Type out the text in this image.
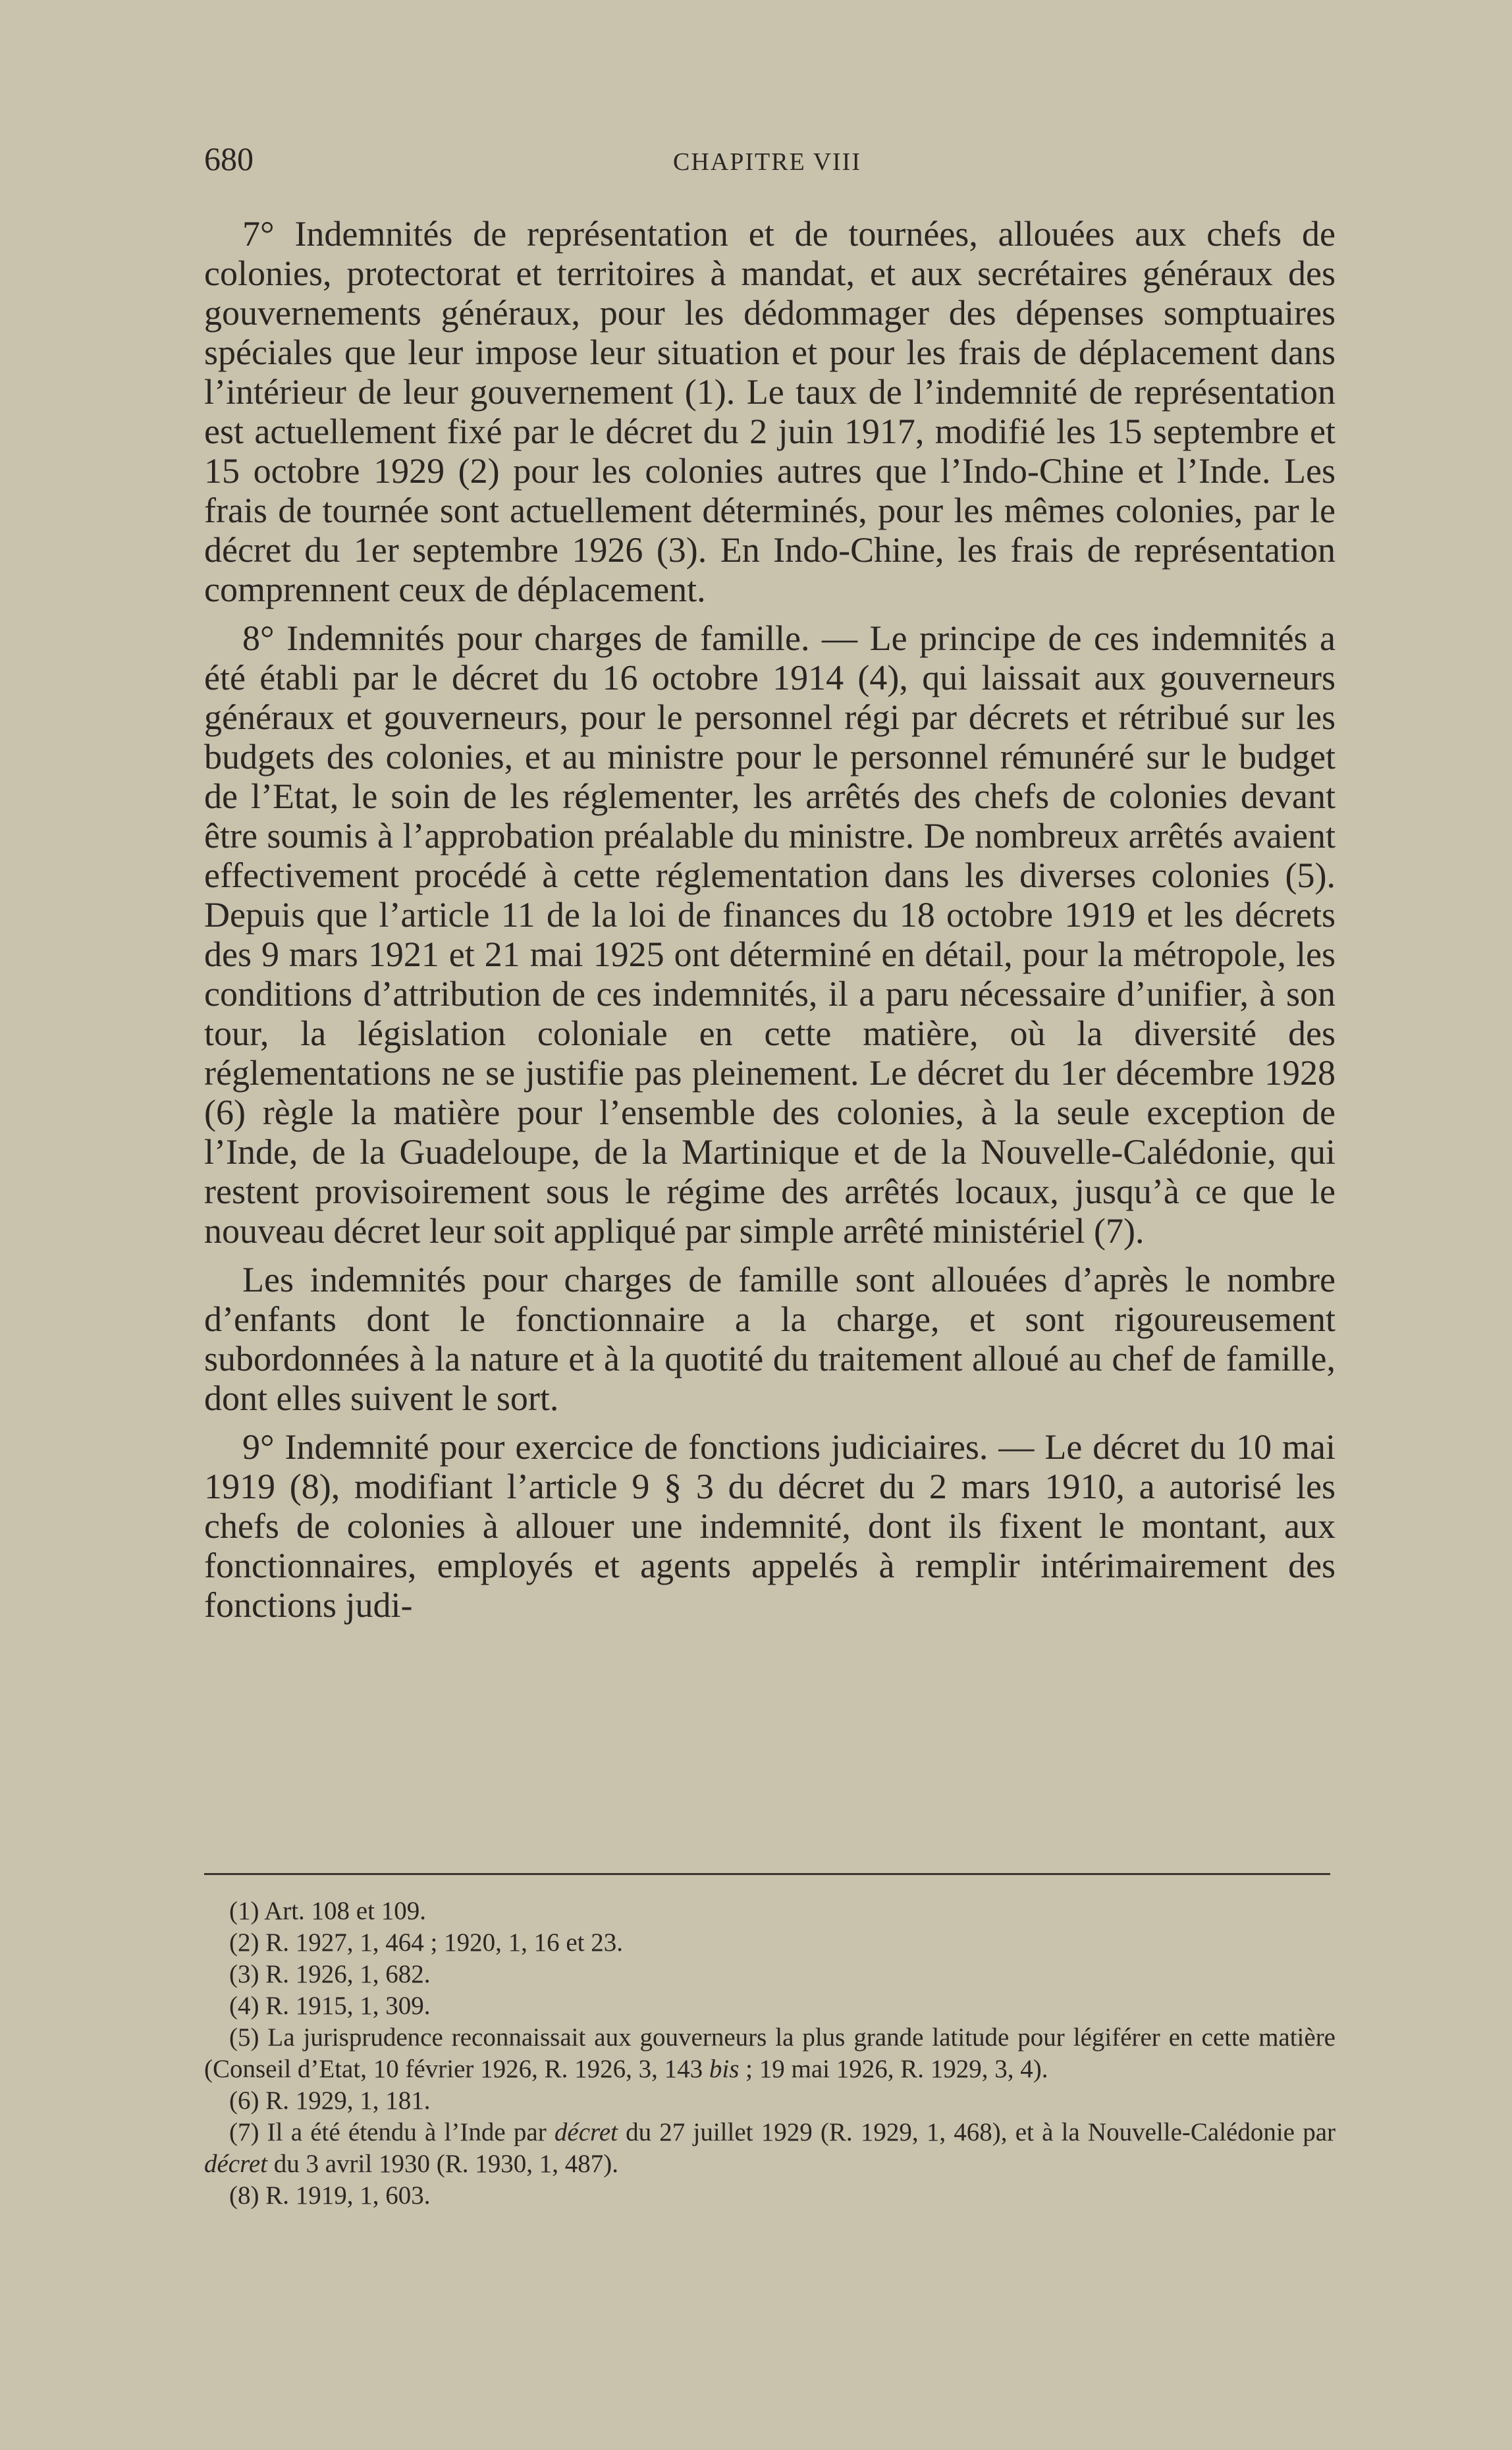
680	CHAPITRE VIII

7° Indemnités de représentation et de tournées, allouées aux chefs de colonies, protectorat et territoires à mandat, et aux secrétaires généraux des gouvernements généraux, pour les dédommager des dépenses somptuaires spéciales que leur impose leur situation et pour les frais de déplacement dans l’intérieur de leur gouvernement (1). Le taux de l’indemnité de représentation est actuellement fixé par le décret du 2 juin 1917, modifié les 15 septembre et 15 octobre 1929 (2) pour les colonies autres que l’Indo-Chine et l’Inde. Les frais de tournée sont actuellement déterminés, pour les mêmes colonies, par le décret du 1er septembre 1926 (3). En Indo-Chine, les frais de représentation comprennent ceux de déplacement.

8° Indemnités pour charges de famille. — Le principe de ces indemnités a été établi par le décret du 16 octobre 1914 (4), qui laissait aux gouverneurs généraux et gouverneurs, pour le personnel régi par décrets et rétribué sur les budgets des colonies, et au ministre pour le personnel rémunéré sur le budget de l’Etat, le soin de les réglementer, les arrêtés des chefs de colonies devant être soumis à l’approbation préalable du ministre. De nombreux arrêtés avaient effectivement procédé à cette réglementation dans les diverses colonies (5). Depuis que l’article 11 de la loi de finances du 18 octobre 1919 et les décrets des 9 mars 1921 et 21 mai 1925 ont déterminé en détail, pour la métropole, les conditions d’attribution de ces indemnités, il a paru nécessaire d’unifier, à son tour, la législation coloniale en cette matière, où la diversité des réglementations ne se justifie pas pleinement. Le décret du 1er décembre 1928 (6) règle la matière pour l’ensemble des colonies, à la seule exception de l’Inde, de la Guadeloupe, de la Martinique et de la Nouvelle-Calédonie, qui restent provisoirement sous le régime des arrêtés locaux, jusqu’à ce que le nouveau décret leur soit appliqué par simple arrêté ministériel (7).

Les indemnités pour charges de famille sont allouées d’après le nombre d’enfants dont le fonctionnaire a la charge, et sont rigoureusement subordonnées à la nature et à la quotité du traitement alloué au chef de famille, dont elles suivent le sort.

9° Indemnité pour exercice de fonctions judiciaires. — Le décret du 10 mai 1919 (8), modifiant l’article 9 § 3 du décret du 2 mars 1910, a autorisé les chefs de colonies à allouer une indemnité, dont ils fixent le montant, aux fonctionnaires, employés et agents appelés à remplir intérimairement des fonctions judi-

(1) Art. 108 et 109.

(2) R. 1927, 1, 464 ; 1920, 1, 16 et 23.

(3) R. 1926, 1, 682.

(4) R. 1915, 1, 309.

(5) La jurisprudence reconnaissait aux gouverneurs la plus grande latitude pour légiférer en cette matière (Conseil d’Etat, 10 février 1926, R. 1926, 3, 143 bis ; 19 mai 1926, R. 1929, 3, 4).

(6) R. 1929, 1, 181.

(7) Il a été étendu à l’Inde par décret du 27 juillet 1929 (R. 1929, 1, 468), et à la Nouvelle-Calédonie par décret du 3 avril 1930 (R. 1930, 1, 487).

(8) R. 1919, 1, 603.
